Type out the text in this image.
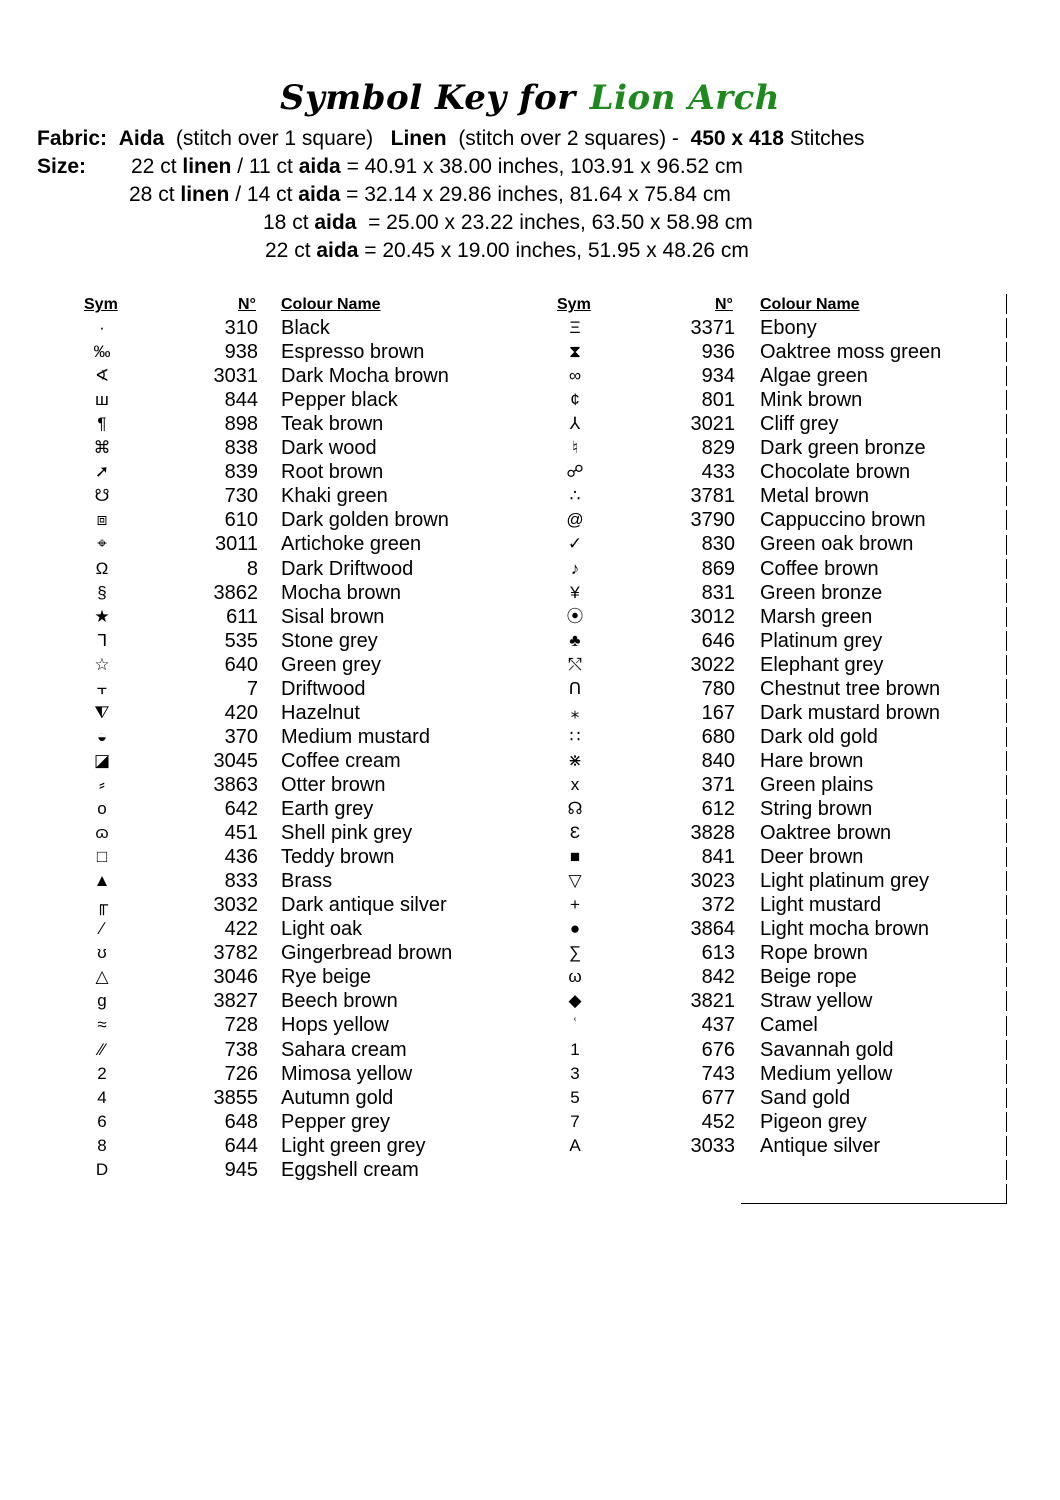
Symbol Key for Lion Arch
Fabric: Aida (stitch over 1 square) Linen (stitch over 2 squares) - 450 x 418 Stitches
Size: 22 ct linen / 11 ct aida = 40.91 x 38.00 inches, 103.91 x 96.52 cm
28 ct linen / 14 ct aida = 32.14 x 29.86 inches, 81.64 x 75.84 cm
18 ct aida  = 25.00 x 23.22 inches, 63.50 x 58.98 cm
22 ct aida = 20.45 x 19.00 inches, 51.95 x 48.26 cm
Sym	N° Colour Name	Sym	N° Colour Name
·	310 Black
‰	938 Espresso brown
∢	3031 Dark Mocha brown
ш	844 Pepper black
¶	898 Teak brown
⌘	838 Dark wood
➚	839 Root brown
☋	730 Khaki green
⧈	610 Dark golden brown
⌖	3011 Artichoke green
Ω	8 Dark Driftwood
§	3862 Mocha brown
★	611 Sisal brown
ᒣ	535 Stone grey
☆	640 Green grey
⫟	7 Driftwood
⧨	420 Hazelnut
◒	370 Medium mustard
◪	3045 Coffee cream
⸗	3863 Otter brown
o	642 Earth grey
ɷ	451 Shell pink grey
□	436 Teddy brown
▲	833 Brass
╓	3032 Dark antique silver
∕	422 Light oak
ʊ	3782 Gingerbread brown
△	3046 Rye beige
g	3827 Beech brown
≈	728 Hops yellow
⁄⁄	738 Sahara cream
2	726 Mimosa yellow
4	3855 Autumn gold
6	648 Pepper grey
8	644 Light green grey
D	945 Eggshell cream
Ξ	3371 Ebony
⧗	936 Oaktree moss green
∞	934 Algae green
¢	801 Mink brown
⅄	3021 Cliff grey
♮	829 Dark green bronze
☍	433 Chocolate brown
∴	3781 Metal brown
@	3790 Cappuccino brown
✓	830 Green oak brown
♪	869 Coffee brown
¥	831 Green bronze
⦿	3012 Marsh green
♣	646 Platinum grey
⤲	3022 Elephant grey
ᑎ	780 Chestnut tree brown
⁎	167 Dark mustard brown
∷	680 Dark old gold
⋇	840 Hare brown
x	371 Green plains
☊	612 String brown
Ɛ	3828 Oaktree brown
■	841 Deer brown
▽	3023 Light platinum grey
+	372 Light mustard
●	3864 Light mocha brown
∑	613 Rope brown
ω	842 Beige rope
◆	3821 Straw yellow
ʿ	437 Camel
1	676 Savannah gold
3	743 Medium yellow
5	677 Sand gold
7	452 Pigeon grey
A	3033 Antique silver
